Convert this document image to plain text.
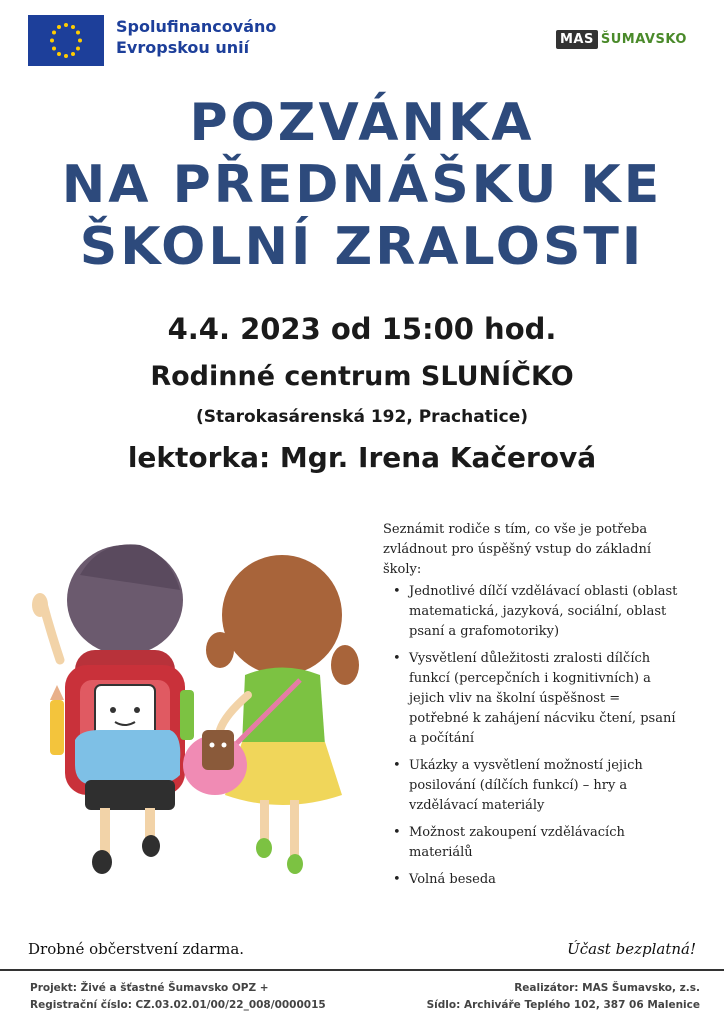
Spolufinancováno
Evropskou unií	MAS ŠUMAVSKO
POZVÁNKA
NA PŘEDNÁŠKU KE
ŠKOLNÍ ZRALOSTI
4.4. 2023 od 15:00 hod.
Rodinné centrum SLUNÍČKO
(Starokasárenská 192, Prachatice)
lektorka: Mgr. Irena Kačerová

Seznámit rodiče s tím, co vše je potřeba zvládnout pro úspěšný vstup do základní školy:

• Jednotlivé dílčí vzdělávací oblasti (oblast matematická, jazyková, sociální, oblast psaní a grafomotoriky)
• Vysvětlení důležitosti zralosti dílčích funkcí (percepčních i kognitivních) a jejich vliv na školní úspěšnost = potřebné k zahájení nácviku čtení, psaní a počítání
• Ukázky a vysvětlení možností jejich posilování (dílčích funkcí) – hry a vzdělávací materiály
• Možnost zakoupení vzdělávacích materiálů
• Volná beseda
Drobné občerstvení zdarma.	Účast bezplatná!
Projekt: Živé a šťastné Šumavsko OPZ +
Registrační číslo: CZ.03.02.01/00/22_008/0000015
Realizátor: MAS Šumavsko, z.s.
Sídlo: Archiváře Teplého 102, 387 06 Malenice
